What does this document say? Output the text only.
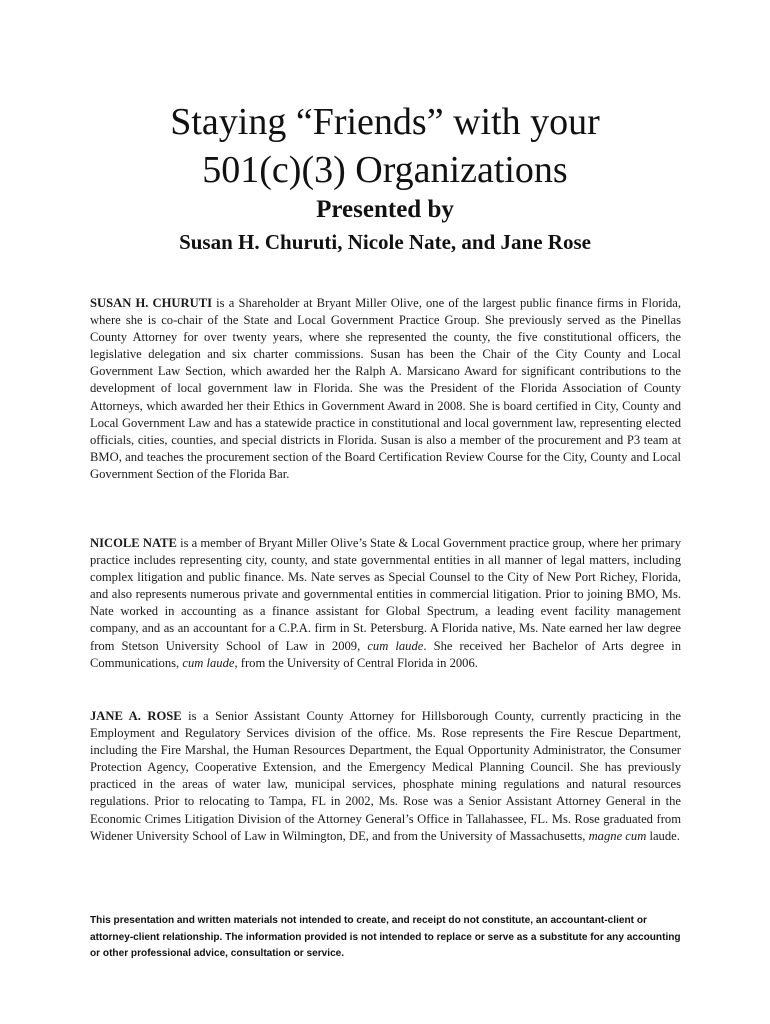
Staying “Friends” with your
501(c)(3) Organizations
Presented by
Susan H. Churuti, Nicole Nate, and Jane Rose

SUSAN H. CHURUTI is a Shareholder at Bryant Miller Olive, one of the largest public finance firms in Florida, where she is co-chair of the State and Local Government Practice Group. She previously served as the Pinellas County Attorney for over twenty years, where she represented the county, the five constitutional officers, the legislative delegation and six charter commissions. Susan has been the Chair of the City County and Local Government Law Section, which awarded her the Ralph A. Marsicano Award for significant contributions to the development of local government law in Florida. She was the President of the Florida Association of County Attorneys, which awarded her their Ethics in Government Award in 2008. She is board certified in City, County and Local Government Law and has a statewide practice in constitutional and local government law, representing elected officials, cities, counties, and special districts in Florida. Susan is also a member of the procurement and P3 team at BMO, and teaches the procurement section of the Board Certification Review Course for the City, County and Local Government Section of the Florida Bar.

NICOLE NATE is a member of Bryant Miller Olive’s State & Local Government practice group, where her primary practice includes representing city, county, and state governmental entities in all manner of legal matters, including complex litigation and public finance. Ms. Nate serves as Special Counsel to the City of New Port Richey, Florida, and also represents numerous private and governmental entities in commercial litigation. Prior to joining BMO, Ms. Nate worked in accounting as a finance assistant for Global Spectrum, a leading event facility management company, and as an accountant for a C.P.A. firm in St. Petersburg. A Florida native, Ms. Nate earned her law degree from Stetson University School of Law in 2009, cum laude. She received her Bachelor of Arts degree in Communications, cum laude, from the University of Central Florida in 2006.

JANE A. ROSE is a Senior Assistant County Attorney for Hillsborough County, currently practicing in the Employment and Regulatory Services division of the office. Ms. Rose represents the Fire Rescue Department, including the Fire Marshal, the Human Resources Department, the Equal Opportunity Administrator, the Consumer Protection Agency, Cooperative Extension, and the Emergency Medical Planning Council. She has previously practiced in the areas of water law, municipal services, phosphate mining regulations and natural resources regulations. Prior to relocating to Tampa, FL in 2002, Ms. Rose was a Senior Assistant Attorney General in the Economic Crimes Litigation Division of the Attorney General’s Office in Tallahassee, FL. Ms. Rose graduated from Widener University School of Law in Wilmington, DE, and from the University of Massachusetts, magne cum laude.

This presentation and written materials not intended to create, and receipt do not constitute, an accountant-client or attorney-client relationship. The information provided is not intended to replace or serve as a substitute for any accounting or other professional advice, consultation or service.
